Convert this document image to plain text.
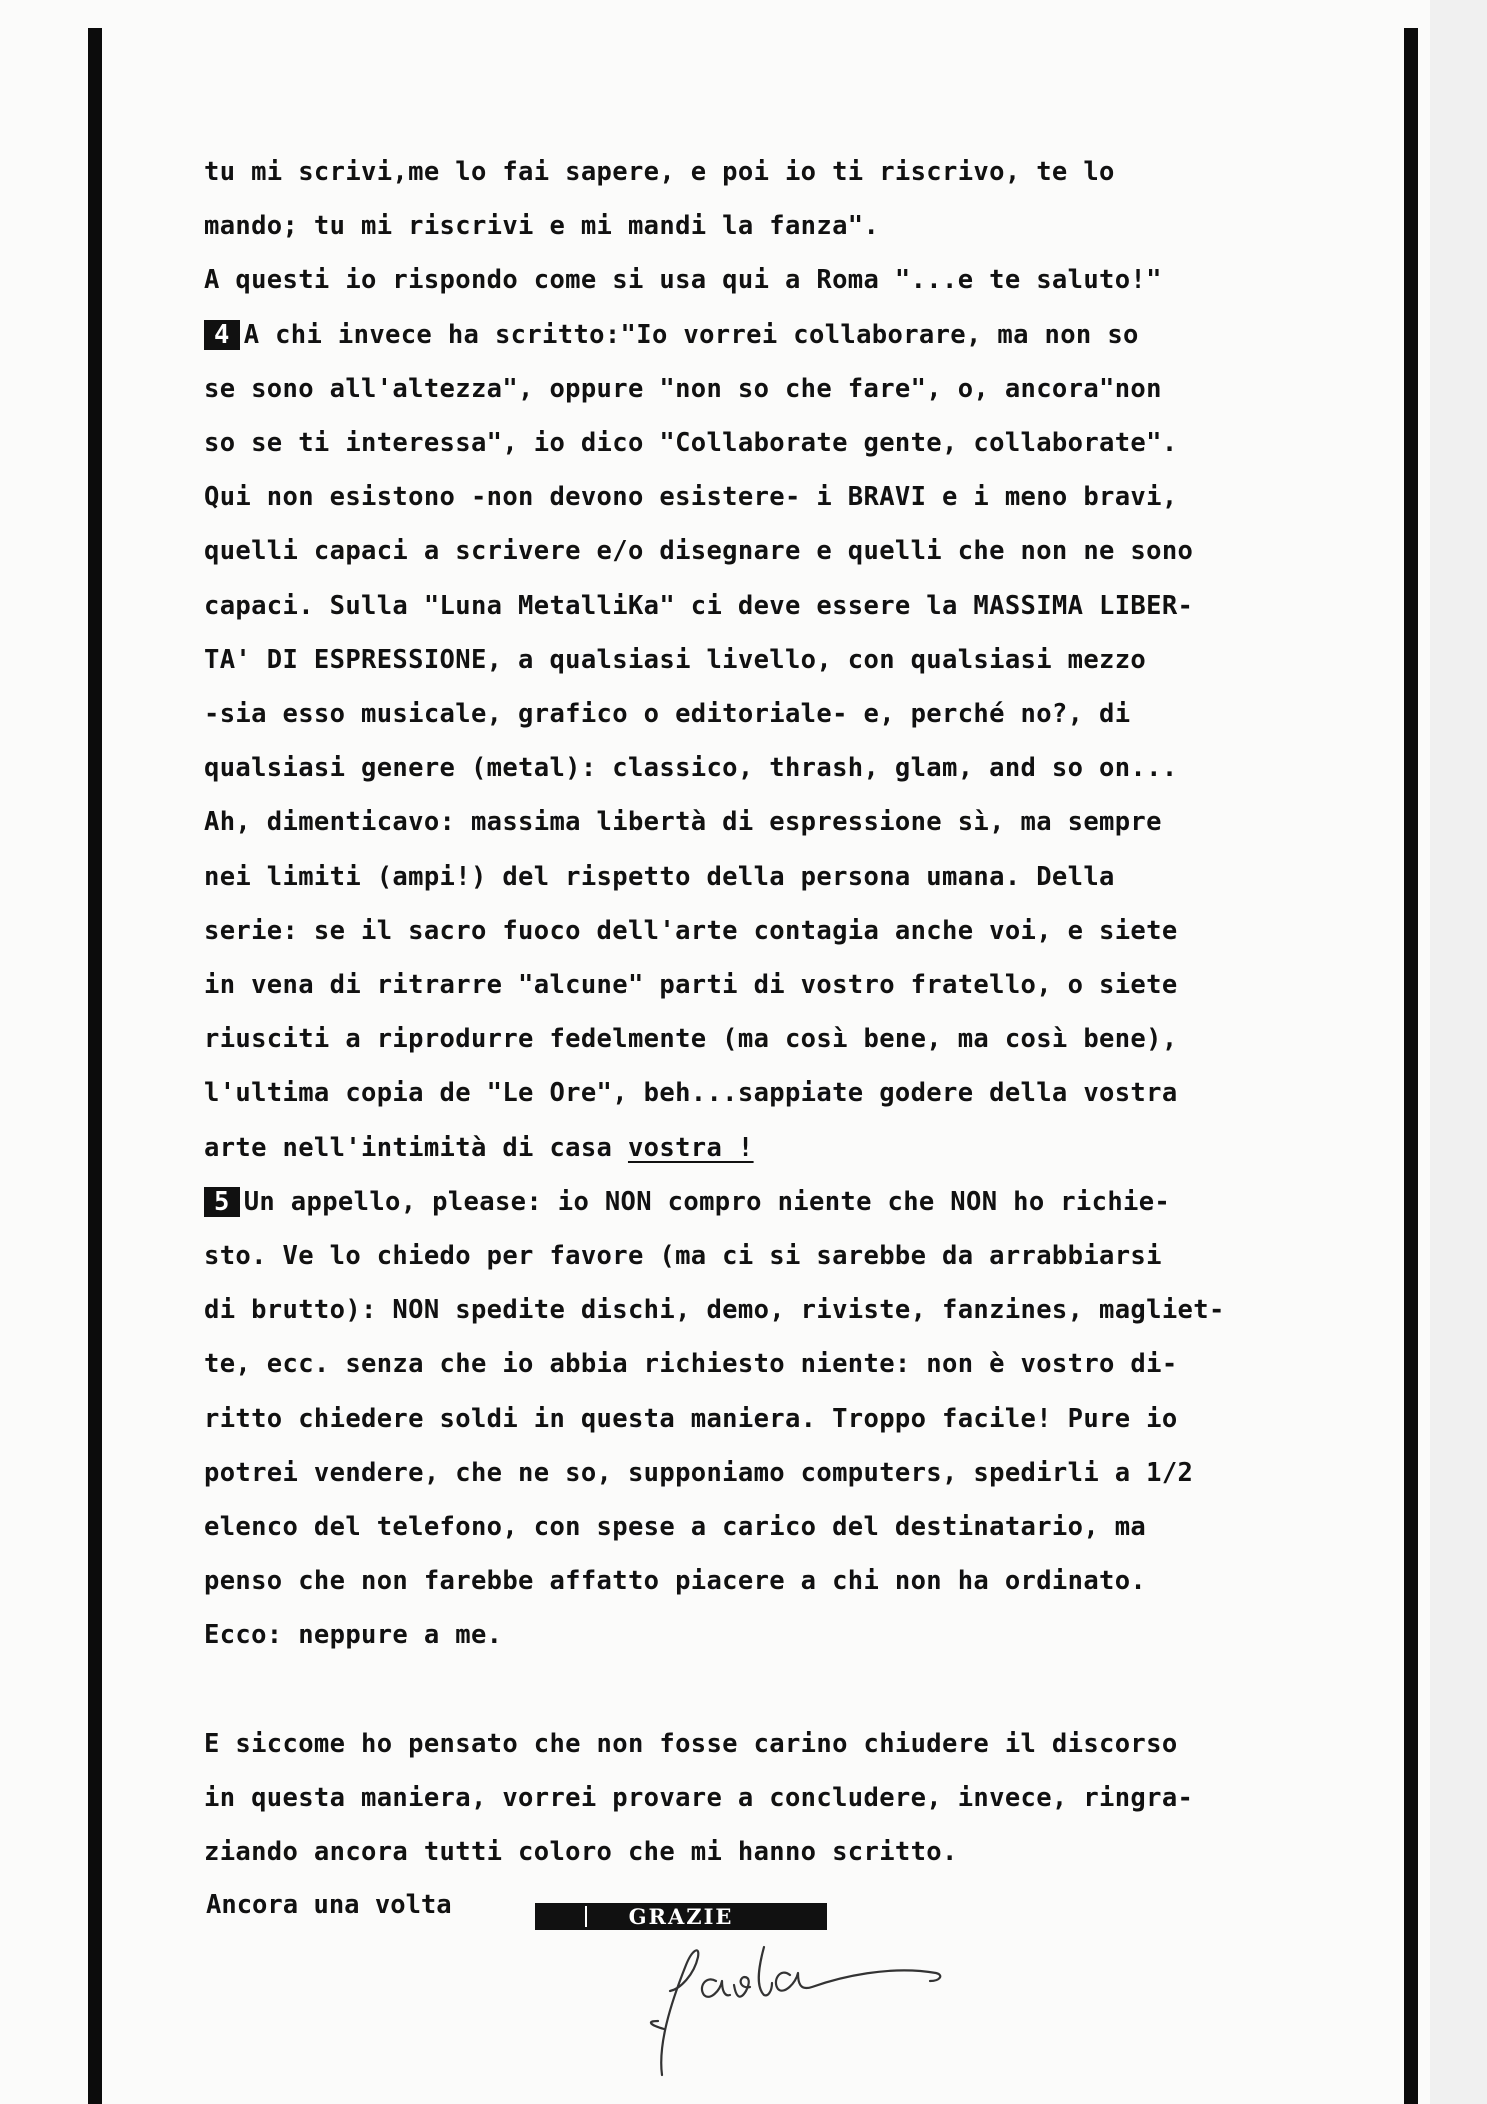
tu mi scrivi,me lo fai sapere, e poi io ti riscrivo, te lo
mando; tu mi riscrivi e mi mandi la fanza".
A questi io rispondo come si usa qui a Roma "...e te saluto!"
4 A chi invece ha scritto:"Io vorrei collaborare, ma non so
se sono all'altezza", oppure "non so che fare", o, ancora"non
so se ti interessa", io dico "Collaborate gente, collaborate".
Qui non esistono -non devono esistere- i BRAVI e i meno bravi,
quelli capaci a scrivere e/o disegnare e quelli che non ne sono
capaci. Sulla "Luna MetalliKa" ci deve essere la MASSIMA LIBER-
TA' DI ESPRESSIONE, a qualsiasi livello, con qualsiasi mezzo
-sia esso musicale, grafico o editoriale- e, perché no?, di
qualsiasi genere (metal): classico, thrash, glam, and so on...
Ah, dimenticavo: massima libertà di espressione sì, ma sempre
nei limiti (ampi!) del rispetto della persona umana. Della
serie: se il sacro fuoco dell'arte contagia anche voi, e siete
in vena di ritrarre "alcune" parti di vostro fratello, o siete
riusciti a riprodurre fedelmente (ma così bene, ma così bene),
l'ultima copia de "Le Ore", beh...sappiate godere della vostra
arte nell'intimità di casa vostra !
5 Un appello, please: io NON compro niente che NON ho richie-
sto. Ve lo chiedo per favore (ma ci si sarebbe da arrabbiarsi
di brutto): NON spedite dischi, demo, riviste, fanzines, magliet-
te, ecc. senza che io abbia richiesto niente: non è vostro di-
ritto chiedere soldi in questa maniera. Troppo facile! Pure io
potrei vendere, che ne so, supponiamo computers, spedirli a 1/2
elenco del telefono, con spese a carico del destinatario, ma
penso che non farebbe affatto piacere a chi non ha ordinato.
Ecco: neppure a me.
E siccome ho pensato che non fosse carino chiudere il discorso
in questa maniera, vorrei provare a concludere, invece, ringra-
ziando ancora tutti coloro che mi hanno scritto.
Ancora una volta	GRAZIE
